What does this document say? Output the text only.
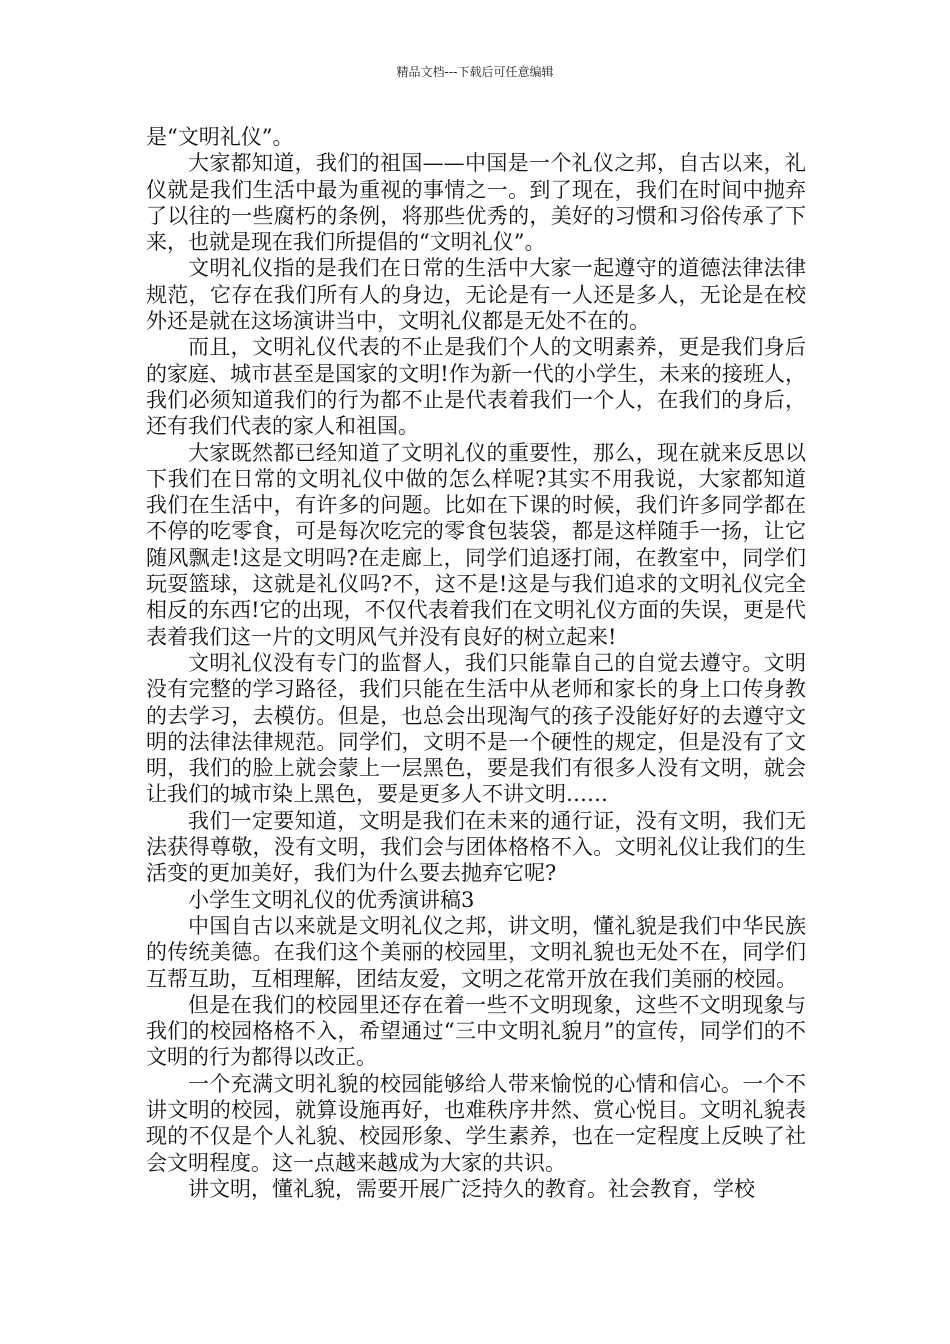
精品文档---下载后可任意编辑

是“文明礼仪”。

大家都知道，我们的祖国——中国是一个礼仪之邦，自古以来，礼仪就是我们生活中最为重视的事情之一。到了现在，我们在时间中抛弃了以往的一些腐朽的条例，将那些优秀的，美好的习惯和习俗传承了下来，也就是现在我们所提倡的“文明礼仪”。

文明礼仪指的是我们在日常的生活中大家一起遵守的道德法律法律规范，它存在我们所有人的身边，无论是有一人还是多人，无论是在校外还是就在这场演讲当中，文明礼仪都是无处不在的。

而且，文明礼仪代表的不止是我们个人的文明素养，更是我们身后的家庭、城市甚至是国家的文明!作为新一代的小学生，未来的接班人，我们必须知道我们的行为都不止是代表着我们一个人，在我们的身后，还有我们代表的家人和祖国。

大家既然都已经知道了文明礼仪的重要性，那么，现在就来反思以下我们在日常的文明礼仪中做的怎么样呢?其实不用我说，大家都知道我们在生活中，有许多的问题。比如在下课的时候，我们许多同学都在不停的吃零食，可是每次吃完的零食包装袋，都是这样随手一扬，让它随风飘走!这是文明吗?在走廊上，同学们追逐打闹，在教室中，同学们玩耍篮球，这就是礼仪吗?不，这不是!这是与我们追求的文明礼仪完全相反的东西!它的出现，不仅代表着我们在文明礼仪方面的失误，更是代表着我们这一片的文明风气并没有良好的树立起来!

文明礼仪没有专门的监督人，我们只能靠自己的自觉去遵守。文明没有完整的学习路径，我们只能在生活中从老师和家长的身上口传身教的去学习，去模仿。但是，也总会出现淘气的孩子没能好好的去遵守文明的法律法律规范。同学们，文明不是一个硬性的规定，但是没有了文明，我们的脸上就会蒙上一层黑色，要是我们有很多人没有文明，就会让我们的城市染上黑色，要是更多人不讲文明……

我们一定要知道，文明是我们在未来的通行证，没有文明，我们无法获得尊敬，没有文明，我们会与团体格格不入。文明礼仪让我们的生活变的更加美好，我们为什么要去抛弃它呢?

小学生文明礼仪的优秀演讲稿3

中国自古以来就是文明礼仪之邦，讲文明，懂礼貌是我们中华民族的传统美德。在我们这个美丽的校园里，文明礼貌也无处不在，同学们互帮互助，互相理解，团结友爱，文明之花常开放在我们美丽的校园。

但是在我们的校园里还存在着一些不文明现象，这些不文明现象与我们的校园格格不入，希望通过“三中文明礼貌月”的宣传，同学们的不文明的行为都得以改正。

一个充满文明礼貌的校园能够给人带来愉悦的心情和信心。一个不讲文明的校园，就算设施再好，也难秩序井然、赏心悦目。文明礼貌表现的不仅是个人礼貌、校园形象、学生素养，也在一定程度上反映了社会文明程度。这一点越来越成为大家的共识。

讲文明，懂礼貌，需要开展广泛持久的教育。社会教育，学校
